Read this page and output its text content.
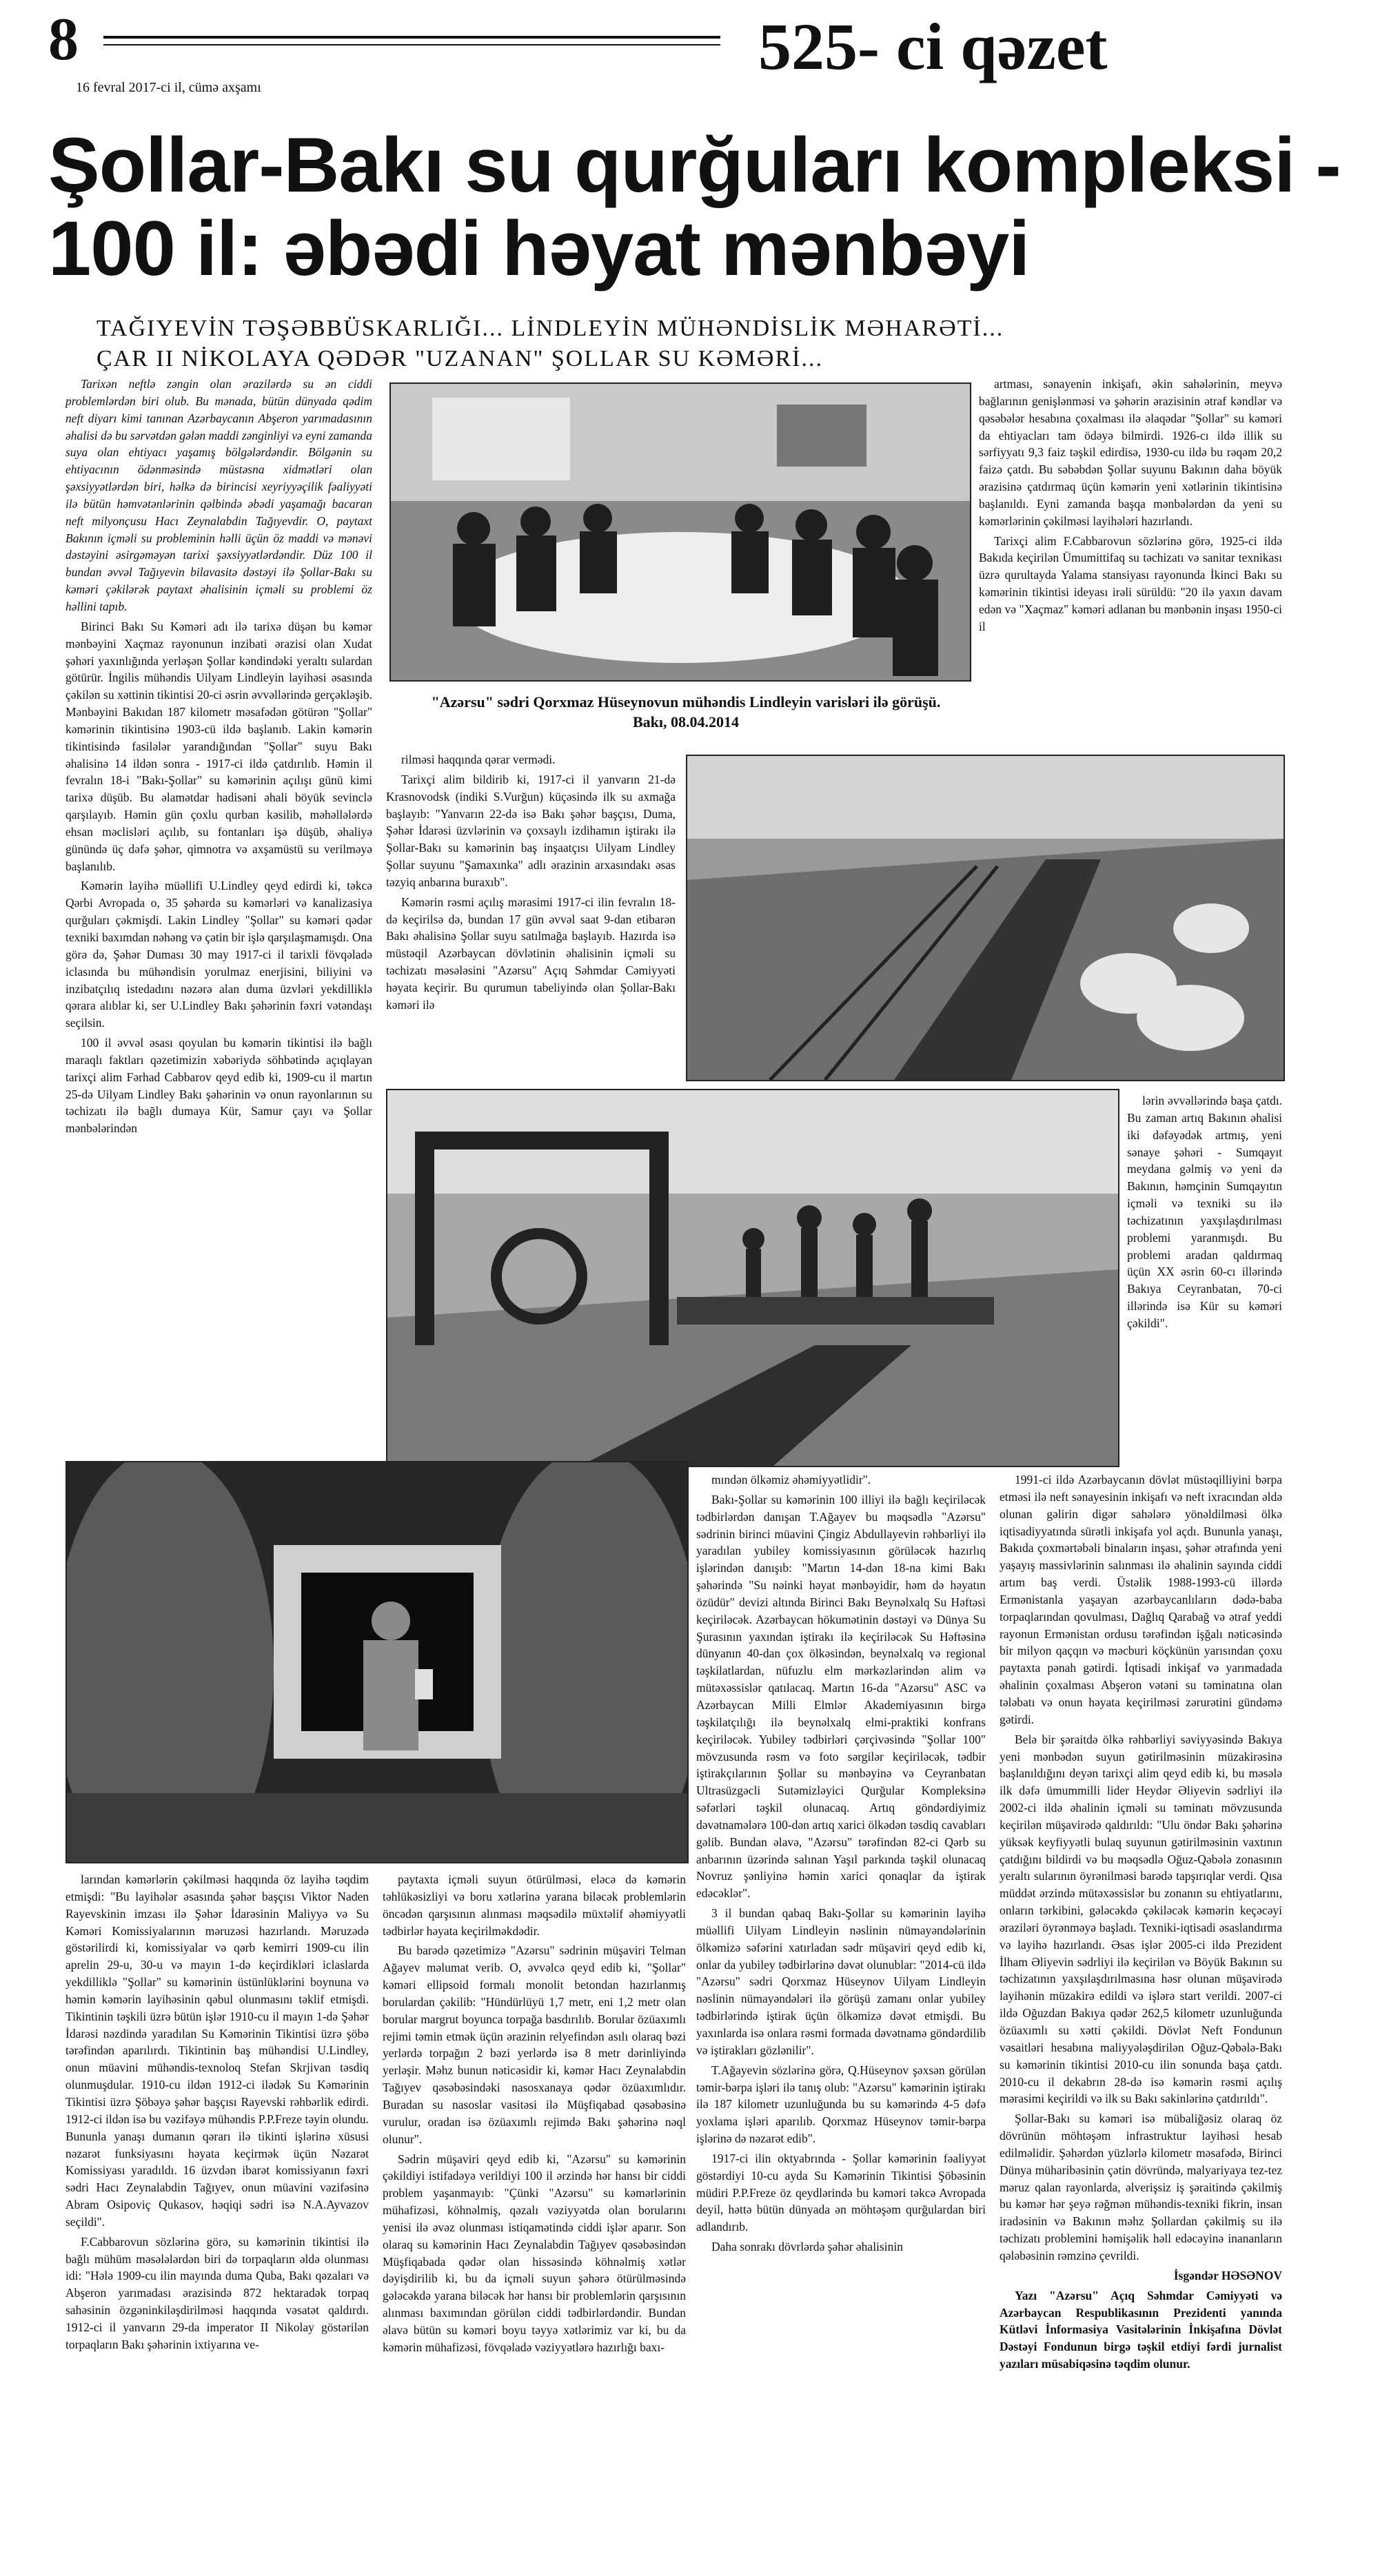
8
16 fevral 2017-ci il, cümə axşamı
525- ci qəzet
Şollar-Bakı su qurğuları kompleksi - 100 il: əbədi həyat mənbəyi
TAĞIYEVİN TƏŞƏBBÜSKARLIĞI... LİNDLEYİN MÜHƏNDİSLİK MƏHARƏTİ...
ÇAR II NİKOLAYA QƏDƏR "UZANAN" ŞOLLAR SU KƏMƏRİ...

Tarixən neftlə zəngin olan ərazilərdə su ən ciddi problemlərdən biri olub. Bu mənada, bütün dünyada qədim neft diyarı kimi tanınan Azərbaycanın Abşeron yarımadasının əhalisi də bu sərvətdən gələn maddi zənginliyi və eyni zamanda suya olan ehtiyacı yaşamış bölgələrdəndir. Bölgənin su ehtiyacının ödənməsində müstəsna xidmətləri olan şəxsiyyətlərdən biri, həlkə də birincisi xeyriyyəçilik fəaliyyəti ilə bütün həmvətənlərinin qəlbində əbədi yaşamağı bacaran neft milyonçusu Hacı Zeynalabdin Tağıyevdir. O, paytaxt Bakının içməli su probleminin həlli üçün öz maddi və mənəvi dəstəyini əsirgəməyən tarixi şəxsiyyətlərdəndir. Düz 100 il bundan əvvəl Tağıyevin bilavasitə dəstəyi ilə Şollar-Bakı su kəməri çəkilərək paytaxt əhalisinin içməli su problemi öz həllini tapıb.

Birinci Bakı Su Kəməri adı ilə tarixə düşən bu kəmər mənbəyini Xaçmaz rayonunun inzibati ərazisi olan Xudat şəhəri yaxınlığında yerləşən Şollar kəndindəki yeraltı sulardan götürür. İngilis mühəndis Uilyam Lindleyin layihəsi əsasında çəkilən su xəttinin tikintisi 20-ci əsrin əvvəllərində gerçəkləşib. Mənbəyini Bakıdan 187 kilometr məsafədən götürən "Şollar" kəmərinin tikintisinə 1903-cü ildə başlanıb. Lakin kəmərin tikintisində fasilələr yarandığından "Şollar" suyu Bakı əhalisinə 14 ildən sonra - 1917-ci ildə çatdırılıb. Həmin il fevralın 18-i "Bakı-Şollar" su kəmərinin açılışı günü kimi tarixə düşüb. Bu əlamətdar hadisəni əhali böyük sevinclə qarşılayıb. Həmin gün çoxlu qurban kəsilib, məhəllələrdə ehsan məclisləri açılıb, su fontanları işə düşüb, əhaliyə günündə üç dəfə şəhər, qimnotra və axşamüstü su verilməyə başlanılıb.

Kəmərin layihə müəllifi U.Lindley qeyd edirdi ki, təkcə Qərbi Avropada o, 35 şəhərdə su kəmərləri və kanalizasiya qurğuları çəkmişdi. Lakin Lindley "Şollar" su kəməri qədər texniki baxımdan nəhəng və çətin bir işlə qarşılaşmamışdı. Ona görə də, Şəhər Duması 30 may 1917-ci il tarixli fövqəladə iclasında bu mühəndisin yorulmaz enerjisini, biliyini və inzibatçılıq istedadını nəzərə alan duma üzvləri yekdilliklə qərara alıblar ki, ser U.Lindley Bakı şəhərinin fəxri vətəndaşı seçilsin.

100 il əvvəl əsası qoyulan bu kəmərin tikintisi ilə bağlı maraqlı faktları qəzetimizin xəbəriydə söhbətində açıqlayan tarixçi alim Fərhad Cabbarov qeyd edib ki, 1909-cu il martın 25-də Uilyam Lindley Bakı şəhərinin və onun rayonlarının su təchizatı ilə bağlı dumaya Kür, Samur çayı və Şollar mənbələrindən

"Azərsu" sədri Qorxmaz Hüseynovun mühəndis Lindleyin varisləri ilə görüşü. Bakı, 08.04.2014

rilməsi haqqında qərar vermədi.

Tarixçi alim bildirib ki, 1917-ci il yanvarın 21-də Krasnovodsk (indiki S.Vurğun) küçəsində ilk su axmağa başlayıb: "Yanvarın 22-də isə Bakı şəhər başçısı, Duma, Şəhər İdarəsi üzvlərinin və çoxsaylı izdihamın iştirakı ilə Şollar-Bakı su kəmərinin baş inşaatçısı Uilyam Lindley Şollar suyunu "Şamaxınka" adlı ərazinin arxasındakı əsas təzyiq anbarına buraxıb".

Kəmərin rəsmi açılış mərasimi 1917-ci ilin fevralın 18-də keçirilsə də, bundan 17 gün əvvəl saat 9-dan etibarən Bakı əhalisinə Şollar suyu satılmağa başlayıb. Hazırda isə müstəqil Azərbaycan dövlətinin əhalisinin içməli su təchizatı məsələsini "Azərsu" Açıq Səhmdar Cəmiyyəti həyata keçirir. Bu qurumun tabeliyində olan Şollar-Bakı kəməri ilə

artması, sənayenin inkişafı, əkin sahələrinin, meyvə bağlarının genişlənməsi və şəhərin ərazisinin ətraf kəndlər və qəsəbələr hesabına çoxalması ilə əlaqədar "Şollar" su kəməri da ehtiyacları tam ödəyə bilmirdi. 1926-cı ildə illik su sərfiyyatı 9,3 faiz təşkil edirdisə, 1930-cu ildə bu rəqəm 20,2 faizə çatdı. Bu səbəbdən Şollar suyunu Bakının daha böyük ərazisinə çatdırmaq üçün kəmərin yeni xətlərinin tikintisinə başlanıldı. Eyni zamanda başqa mənbələrdən da yeni su kəmərlərinin çəkilməsi layihələri hazırlandı.

Tarixçi alim F.Cabbarovun sözlərinə görə, 1925-ci ildə Bakıda keçirilən Ümumittifaq su təchizatı və sanitar texnikası üzrə qurultayda Yalama stansiyası rayonunda İkinci Bakı su kəmərinin tikintisi ideyası irəli sürüldü: "20 ilə yaxın davam edən və "Xaçmaz" kəməri adlanan bu mənbənin inşası 1950-ci il

lərin əvvəllərində başa çatdı. Bu zaman artıq Bakının əhalisi iki dəfəyədək artmış, yeni sənaye şəhəri - Sumqayıt meydana gəlmiş və yeni də Bakının, həmçinin Sumqayıtın içməli və texniki su ilə təchizatının yaxşılaşdırılması problemi yaranmışdı. Bu problemi aradan qaldırmaq üçün XX əsrin 60-cı illərində Bakıya Ceyranbatan, 70-ci illərində isə Kür su kəməri çəkildi".

1991-ci ildə Azərbaycanın dövlət müstəqilliyini bərpa etməsi ilə neft sənayesinin inkişafı və neft ixracından əldə olunan gəlirin digər sahələrə yönəldilməsi ölkə iqtisadiyyatında sürətli inkişafa yol açdı. Bununla yanaşı, Bakıda çoxmərtəbəli binaların inşası, şəhər ətrafında yeni yaşayış massivlərinin salınması ilə əhalinin sayında ciddi artım baş verdi. Üstəlik 1988-1993-cü illərdə Ermənistanla yaşayan azərbaycanlıların dədə-baba torpaqlarından qovulması, Dağlıq Qarabağ və ətraf yeddi rayonun Ermənistan ordusu tərəfindən işğalı nəticəsində bir milyon qaçqın və məcburi köçkünün yarısından çoxu paytaxta pənah gətirdi. İqtisadi inkişaf və yarımadada əhalinin çoxalması Abşeron vətəni su təminatına olan tələbatı və onun həyata keçirilməsi zərurətini gündəmə gətirdi.

Belə bir şəraitdə ölkə rəhbərliyi səviyyəsində Bakıya yeni mənbədən suyun gətirilməsinin müzakirəsinə başlanıldığını deyən tarixçi alim qeyd edib ki, bu məsələ ilk dəfə ümummilli lider Heydər Əliyevin sədrliyi ilə 2002-ci ildə əhalinin içməli su təminatı mövzusunda keçirilən müşavirədə qaldırıldı: "Ulu öndər Bakı şəhərinə yüksək keyfiyyətli bulaq suyunun gətirilməsinin vaxtının çatdığını bildirdi və bu məqsədlə Oğuz-Qəbələ zonasının yeraltı sularının öyrənilməsi barədə tapşırıqlar verdi. Qısa müddət ərzində mütəxəssislər bu zonanın su ehtiyatlarını, onların tərkibini, gələcəkdə çəkiləcək kəmərin keçəcəyi əraziləri öyrənməyə başladı. Texniki-iqtisadi əsaslandırma və layihə hazırlandı. Əsas işlər 2005-ci ildə Prezident İlham Əliyevin sədrliyi ilə keçirilən və Böyük Bakının su təchizatının yaxşılaşdırılmasına həsr olunan müşavirədə layihənin müzakirə edildi və işlərə start verildi. 2007-ci ildə Oğuzdan Bakıya qədər 262,5 kilometr uzunluğunda özüaxımlı su xətti çəkildi. Dövlət Neft Fondunun vəsaitləri hesabına maliyyələşdirilən Oğuz-Qəbələ-Bakı su kəmərinin tikintisi 2010-cu ilin sonunda başa çatdı. 2010-cu il dekabrın 28-də isə kəmərin rəsmi açılış mərasimi keçirildi və ilk su Bakı sakinlərinə çatdırıldı".

Şollar-Bakı su kəməri isə mübaliğəsiz olaraq öz dövrünün möhtəşəm infrastruktur layihəsi hesab edilməlidir. Şəhərdən yüzlərlə kilometr məsafədə, Birinci Dünya müharibəsinin çətin dövründə, malyariyaya tez-tez məruz qalan rayonlarda, əlverişsiz iş şəraitində çəkilmiş bu kəmər hər şeyə rəğmən mühəndis-texniki fikrin, insan iradəsinin və Bakının məhz Şollardan çəkilmiş su ilə təchizatı problemini həmişəlik həll edəcəyinə inananların qələbəsinin rəmzinə çevrildi.

İsgəndər HƏSƏNOV

Yazı "Azərsu" Açıq Səhmdar Cəmiyyəti və Azərbaycan Respublikasının Prezidenti yanında Kütləvi İnformasiya Vasitələrinin İnkişafına Dövlət Dəstəyi Fondunun birgə təşkil etdiyi fərdi jurnalist yazıları müsabiqəsinə təqdim olunur.

mındən ölkəmiz əhəmiyyətlidir".

Bakı-Şollar su kəmərinin 100 illiyi ilə bağlı keçiriləcək tədbirlərdən danışan T.Ağayev bu məqsədlə "Azərsu" sədrinin birinci müavini Çingiz Abdullayevin rəhbərliyi ilə yaradılan yubiley komissiyasının görüləcək hazırlıq işlərindən danışıb: "Martın 14-dən 18-na kimi Bakı şəhərində "Su nəinki həyat mənbəyidir, həm də həyatın özüdür" devizi altında Birinci Bakı Beynəlxalq Su Həftəsi keçiriləcək. Azərbaycan hökumətinin dəstəyi və Dünya Su Şurasının yaxından iştirakı ilə keçiriləcək Su Həftəsinə dünyanın 40-dan çox ölkəsindən, beynəlxalq və regional təşkilatlardan, nüfuzlu elm mərkəzlərindən alim və mütəxəssislər qatılacaq. Martın 16-da "Azərsu" ASC və Azərbaycan Milli Elmlər Akademiyasının birgə təşkilatçılığı ilə beynəlxalq elmi-praktiki konfrans keçiriləcək. Yubiley tədbirləri çərçivəsində "Şollar 100" mövzusunda rəsm və foto sərgilər keçiriləcək, tədbir iştirakçılarının Şollar su mənbəyinə və Ceyranbatan Ultrasüzgəcli Sutəmizləyici Qurğular Kompleksinə səfərləri təşkil olunacaq. Artıq göndərdiyimiz dəvətnamələrə 100-dən artıq xarici ölkədən təsdiq cavabları gəlib. Bundan əlavə, "Azərsu" tərəfindən 82-ci Qərb su anbarının üzərində salınan Yaşıl parkında təşkil olunacaq Novruz şənliyinə həmin xarici qonaqlar da iştirak edəcəklər".

3 il bundan qabaq Bakı-Şollar su kəmərinin layihə müəllifi Uilyam Lindleyin nəslinin nümayəndələrinin ölkəmizə səfərini xatırladan sədr müşaviri qeyd edib ki, onlar da yubiley tədbirlərinə dəvət olunublar: "2014-cü ildə "Azərsu" sədri Qorxmaz Hüseynov Uilyam Lindleyin nəslinin nümayəndələri ilə görüşü zamanı onlar yubiley tədbirlərində iştirak üçün ölkəmizə dəvət etmişdi. Bu yaxınlarda isə onlara rəsmi formada dəvətnamə göndərdilib və iştirakları gözlənilir".

T.Ağayevin sözlərinə görə, Q.Hüseynov şəxsən görülən təmir-bərpa işləri ilə tanış olub: "Azərsu" kəmərinin iştirakı ilə 187 kilometr uzunluğunda bu su kəmərində 4-5 dəfə yoxlama işləri aparılıb. Qorxmaz Hüseynov təmir-bərpa işlərinə də nəzarət edib".

1917-ci ilin oktyabrında - Şollar kəmərinin fəaliyyət göstərdiyi 10-cu ayda Su Kəmərinin Tikintisi Şöbəsinin müdiri P.P.Freze öz qeydlərində bu kəməri təkcə Avropada deyil, həttə bütün dünyada ən möhtəşəm qurğulardan biri adlandırıb.

Daha sonrakı dövrlərdə şəhər əhalisinin

larından kəmərlərin çəkilməsi haqqında öz layihə təqdim etmişdi: "Bu layihələr əsasında şəhər başçısı Viktor Naden Rayevskinin imzası ilə Şəhər İdarəsinin Maliyyə və Su Kəməri Komissiyalarının məruzəsi hazırlandı. Məruzədə göstərilirdi ki, komissiyalar və qərb kemirri 1909-cu ilin aprelin 29-u, 30-u və mayın 1-də keçirdikləri iclaslarda yekdilliklə "Şollar" su kəmərinin üstünlüklərini boynuna və həmin kəmərin layihəsinin qəbul olunmasını təklif etmişdi. Tikintinin təşkili üzrə bütün işlər 1910-cu il mayın 1-də Şəhər İdarəsi nəzdində yaradılan Su Kəmərinin Tikintisi üzrə şöbə tərəfindən aparılırdı. Tikintinin baş mühəndisi U.Lindley, onun müavini mühəndis-texnoloq Stefan Skrjivan təsdiq olunmuşdular. 1910-cu ildən 1912-ci ilədək Su Kəmərinin Tikintisi üzrə Şöbəyə şəhər başçısı Rayevski rəhbərlik edirdi. 1912-ci ildən isə bu vəzifəyə mühəndis P.P.Freze təyin olundu. Bununla yanaşı dumanın qərarı ilə tikinti işlərinə xüsusi nəzarət funksiyasını həyata keçirmək üçün Nəzarət Komissiyası yaradıldı. 16 üzvdən ibarət komissiyanın fəxri sədri Hacı Zeynalabdin Tağıyev, onun müavini vəzifəsinə Abram Osipoviç Qukasov, həqiqi sədri isə N.A.Ayvazov seçildi".

F.Cabbarovun sözlərinə görə, su kəmərinin tikintisi ilə bağlı mühüm məsələlərdən biri də torpaqların əldə olunması idi: "Hələ 1909-cu ilin mayında duma Quba, Bakı qəzaları və Abşeron yarımadası ərazisində 872 hektaradək torpaq sahəsinin özgəninkiləşdirilməsi haqqında vəsatət qaldırdı. 1912-ci il yanvarın 29-da imperator II Nikolay göstərilən torpaqların Bakı şəhərinin ixtiyarına ve-

paytaxta içməli suyun ötürülməsi, eləcə də kəmərin təhlükəsizliyi və boru xətlərinə yarana biləcək problemlərin öncədən qarşısının alınması məqsədilə müxtəlif əhəmiyyətli tədbirlər həyata keçirilməkdədir.

Bu barədə qəzetimizə "Azərsu" sədrinin müşaviri Telman Ağayev məlumat verib. O, əvvəlcə qeyd edib ki, "Şollar" kəməri ellipsoid formalı monolit betondan hazırlanmış borulardan çəkilib: "Hündürlüyü 1,7 metr, eni 1,2 metr olan borular margrut boyunca torpağa basdırılıb. Borular özüaxımlı rejimi təmin etmək üçün ərazinin relyefindən asılı olaraq bəzi yerlərdə torpağın 2 bəzi yerlərdə isə 8 metr dərinliyində yerləşir. Məhz bunun nəticəsidir ki, kəmər Hacı Zeynalabdin Tağıyev qəsəbəsindəki nasosxanaya qədər özüaxımlıdır. Buradan su nasoslar vasitəsi ilə Müşfiqabad qəsəbəsinə vurulur, oradan isə özüaxımlı rejimdə Bakı şəhərinə nəql olunur".

Sədrin müşaviri qeyd edib ki, "Azərsu" su kəmərinin çəkildiyi istifadəyə verildiyi 100 il ərzində hər hansı bir ciddi problem yaşanmayıb: "Çünki "Azərsu" su kəmərlərinin mühafizəsi, köhnəlmiş, qəzalı vəziyyətdə olan borularını yenisi ilə əvəz olunması istiqamətində ciddi işlər aparır. Son olaraq su kəmərinin Hacı Zeynalabdin Tağıyev qəsəbəsindən Müşfiqabada qədər olan hissəsində köhnəlmiş xətlər dəyişdirilib ki, bu da içməli suyun şəhərə ötürülməsində gələcəkdə yarana biləcək hər hansı bir problemlərin qarşısının alınması baxımından görülən ciddi tədbirlərdəndir. Bundan əlavə bütün su kəməri boyu təyyə xətlərimiz var ki, bu da kəmərin mühafizəsi, fövqəladə vəziyyətlərə hazırlığı baxı-
